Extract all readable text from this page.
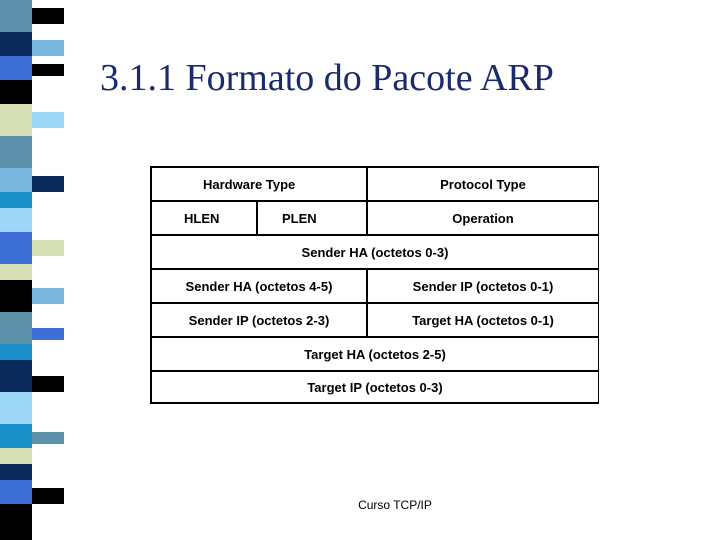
3.1.1 Formato do Pacote ARP
Hardware Type	Protocol Type
HLEN	PLEN	Operation
Sender HA (octetos 0-3)
Sender HA (octetos 4-5)	Sender IP (octetos 0-1)
Sender IP (octetos 2-3)	Target HA (octetos 0-1)
Target HA (octetos 2-5)
Target IP (octetos 0-3)
Curso TCP/IP
